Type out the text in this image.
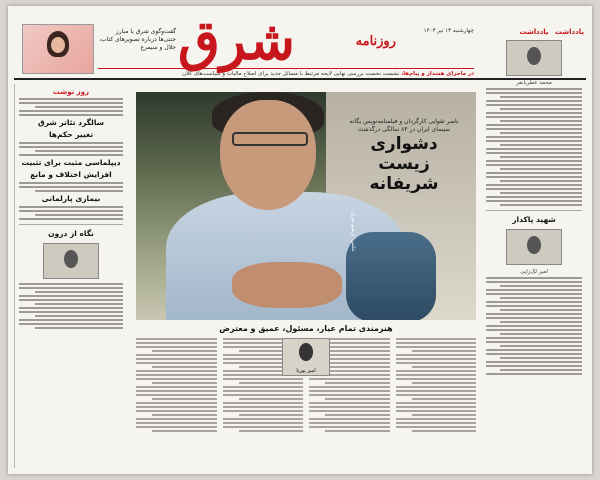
شرق	روزنامه
گفت‌وگوی شرق با مبارز جنتی‌ها درباره تصویرهای کتاب، جلال و سیمرغ
چهارشنبه ۱۳ تیر ۱۴۰۳	یادداشت
در ماجرای هشدار و پیام‌ها، نشست نخست بررسی نهایی لایحه مرتبط با مسائل جدید برای اصلاح مالیات و سیاست‌های کلان
روز نوشت
سالگرد تئاتر شرق
تغییر حکم‌ها
دیپلماسی مثبت برای تثبیت
افزایش اختلاف و مانع
بیماری پارلمانی
نگاه از درون	عکس: آرشیو شرق
ناصر تقوایی کارگردان و فیلمنامه‌نویس یگانه سینمای ایران در ۸۴ سالگی درگذشت
دشواری زیست شریفانه
هنرمندی تمام عیار، مسئول، عمیق و معترض
امیر پوریا
یادداشت
محمد عطریانفر
شهید پاکدار
امیر لک‌زایی
